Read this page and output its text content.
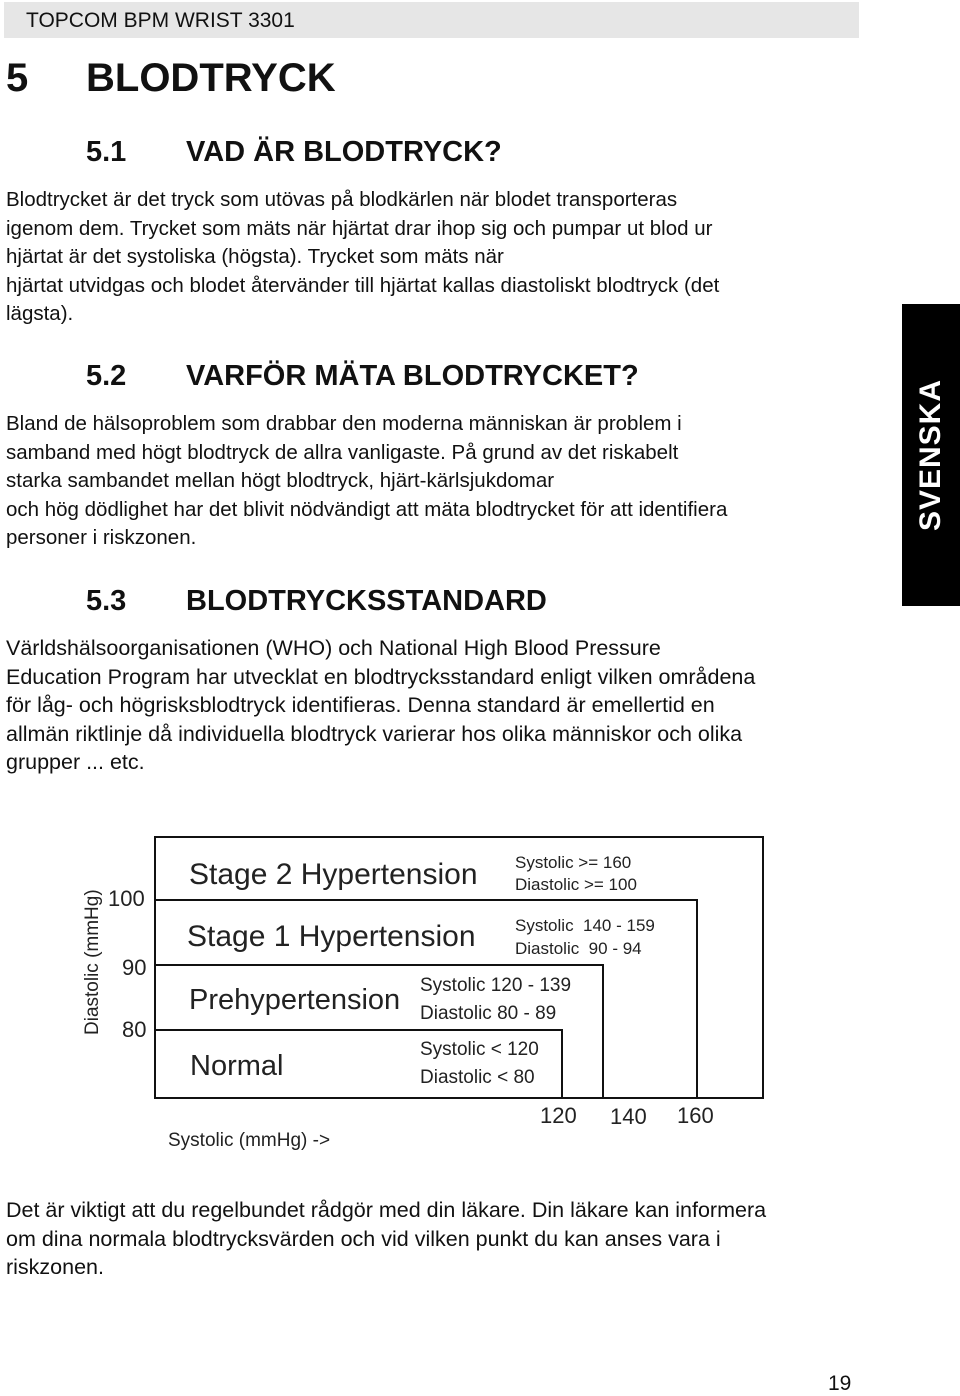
TOPCOM BPM WRIST 3301
5 BLODTRYCK
5.1 VAD ÄR BLODTRYCK?

Blodtrycket är det tryck som utövas på blodkärlen när blodet transporteras
igenom dem. Trycket som mäts när hjärtat drar ihop sig och pumpar ut blod ur
hjärtat är det systoliska (högsta). Trycket som mäts när
hjärtat utvidgas och blodet återvänder till hjärtat kallas diastoliskt blodtryck (det
lägsta).

5.2 VARFÖR MÄTA BLODTRYCKET?

Bland de hälsoproblem som drabbar den moderna människan är problem i
samband med högt blodtryck de allra vanligaste. På grund av det riskabelt
starka sambandet mellan högt blodtryck, hjärt-kärlsjukdomar
och hög dödlighet har det blivit nödvändigt att mäta blodtrycket för att identifiera
personer i riskzonen.

5.3 BLODTRYCKSSTANDARD

Världshälsoorganisationen (WHO) och National High Blood Pressure
Education Program har utvecklat en blodtrycksstandard enligt vilken områdena
för låg- och högrisksblodtryck identifieras. Denna standard är emellertid en
allmän riktlinje då individuella blodtryck varierar hos olika människor och olika
grupper ... etc.

SVENSKA
Diastolic (mmHg) 100
90
80
Stage 2 Hypertension
Stage 1 Hypertension
Prehypertension
Normal
Systolic >= 160
Diastolic >= 100
Systolic  140 - 159
Diastolic  90 - 94
Systolic 120 - 139
Diastolic 80 - 89
Systolic < 120
Diastolic < 80
120 140 160
Systolic (mmHg) ->

Det är viktigt att du regelbundet rådgör med din läkare. Din läkare kan informera
om dina normala blodtrycksvärden och vid vilken punkt du kan anses vara i
riskzonen.

19
